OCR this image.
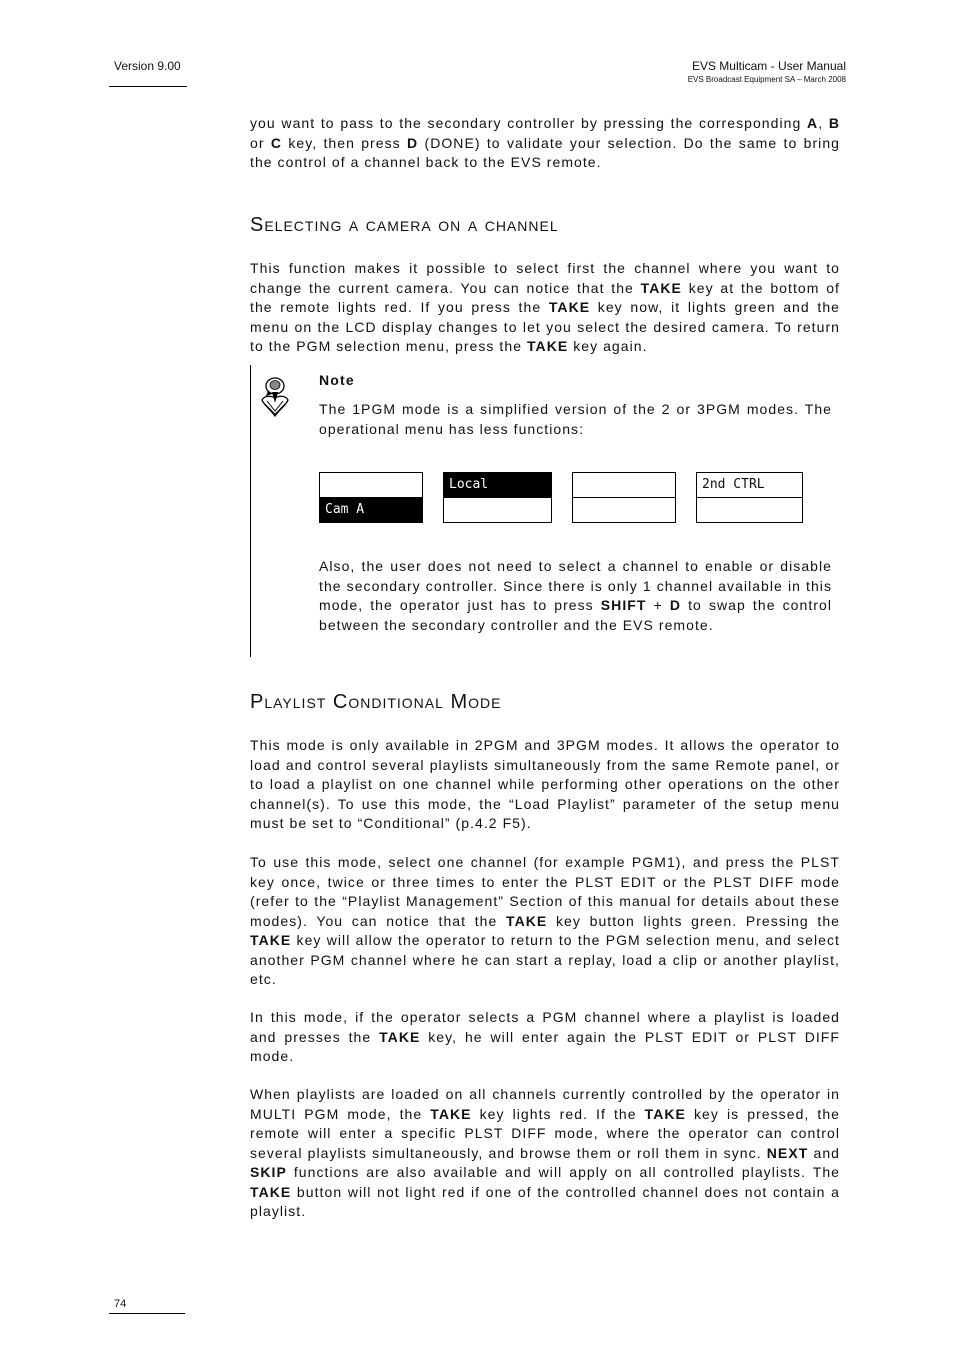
Version 9.00	EVS Multicam - User Manual
EVS Broadcast Equipment SA – March 2008

you want to pass to the secondary controller by pressing the corresponding A, B or C key, then press D (DONE) to validate your selection. Do the same to bring the control of a channel back to the EVS remote.

Selecting a camera on a channel

This function makes it possible to select first the channel where you want to change the current camera. You can notice that the TAKE key at the bottom of the remote lights red. If you press the TAKE key now, it lights green and the menu on the LCD display changes to let you select the desired camera. To return to the PGM selection menu, press the TAKE key again.

Note

The 1PGM mode is a simplified version of the 2 or 3PGM modes. The operational menu has less functions:

Cam A
Local	2nd CTRL

Also, the user does not need to select a channel to enable or disable the secondary controller. Since there is only 1 channel available in this mode, the operator just has to press SHIFT + D to swap the control between the secondary controller and the EVS remote.

Playlist Conditional Mode

This mode is only available in 2PGM and 3PGM modes. It allows the operator to load and control several playlists simultaneously from the same Remote panel, or to load a playlist on one channel while performing other operations on the other channel(s). To use this mode, the “Load Playlist” parameter of the setup menu must be set to “Conditional” (p.4.2 F5).

To use this mode, select one channel (for example PGM1), and press the PLST key once, twice or three times to enter the PLST EDIT or the PLST DIFF mode (refer to the “Playlist Management” Section of this manual for details about these modes). You can notice that the TAKE key button lights green. Pressing the TAKE key will allow the operator to return to the PGM selection menu, and select another PGM channel where he can start a replay, load a clip or another playlist, etc.

In this mode, if the operator selects a PGM channel where a playlist is loaded and presses the TAKE key, he will enter again the PLST EDIT or PLST DIFF mode.

When playlists are loaded on all channels currently controlled by the operator in MULTI PGM mode, the TAKE key lights red. If the TAKE key is pressed, the remote will enter a specific PLST DIFF mode, where the operator can control several playlists simultaneously, and browse them or roll them in sync. NEXT and SKIP functions are also available and will apply on all controlled playlists. The TAKE button will not light red if one of the controlled channel does not contain a playlist.

74
